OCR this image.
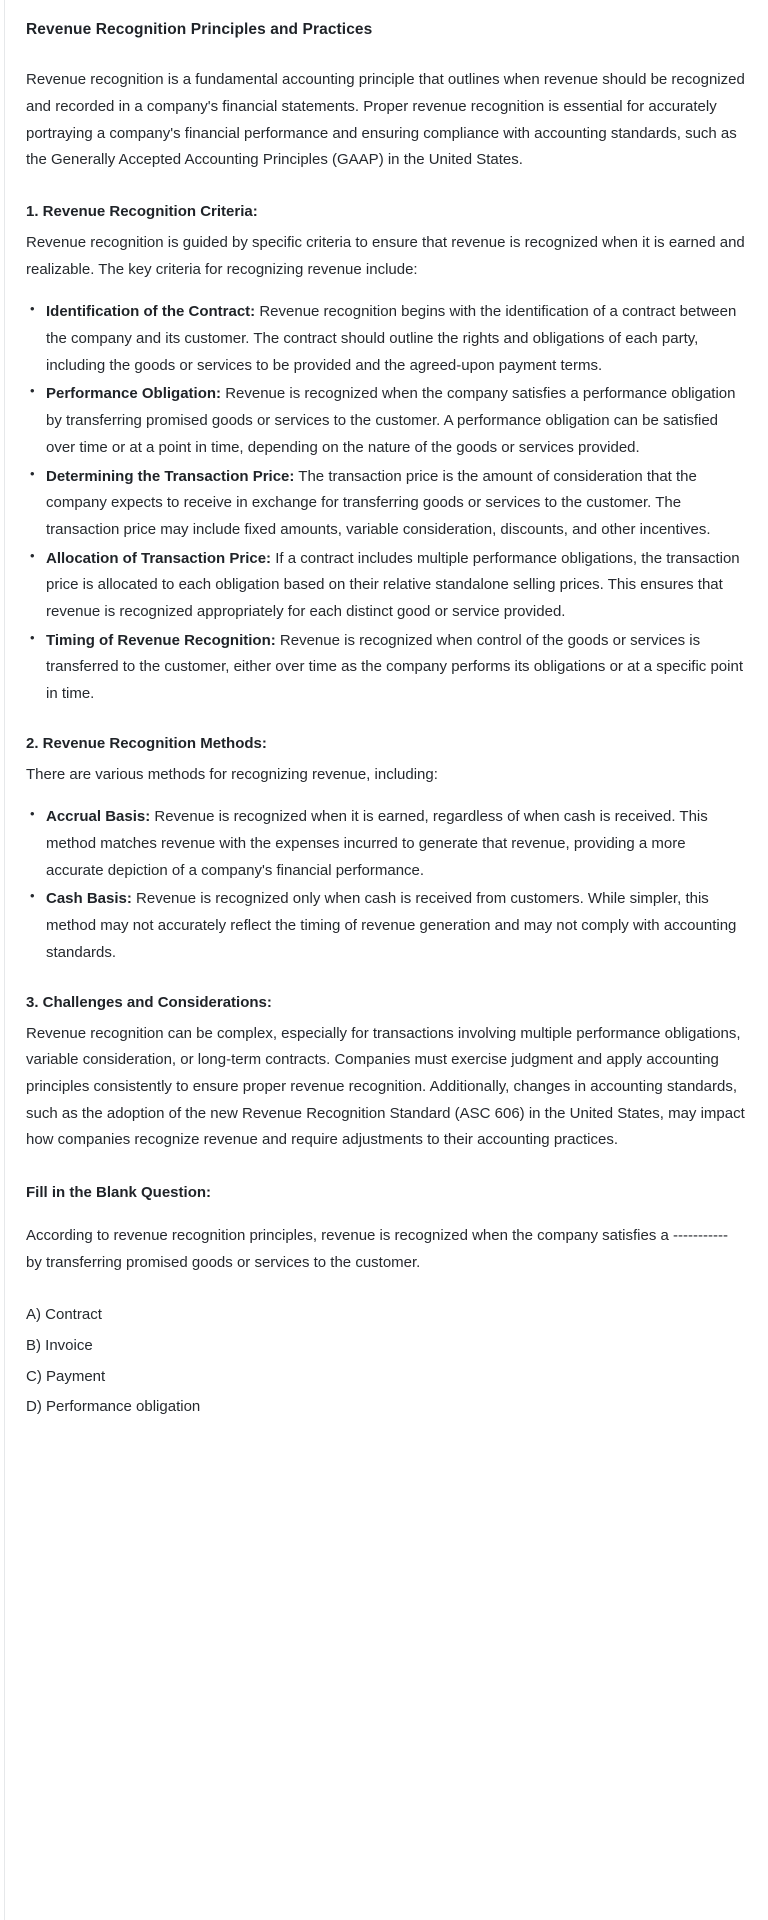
Revenue Recognition Principles and Practices

Revenue recognition is a fundamental accounting principle that outlines when revenue should be recognized and recorded in a company's financial statements. Proper revenue recognition is essential for accurately portraying a company's financial performance and ensuring compliance with accounting standards, such as the Generally Accepted Accounting Principles (GAAP) in the United States.

1. Revenue Recognition Criteria:

Revenue recognition is guided by specific criteria to ensure that revenue is recognized when it is earned and realizable. The key criteria for recognizing revenue include:

• Identification of the Contract: Revenue recognition begins with the identification of a contract between the company and its customer. The contract should outline the rights and obligations of each party, including the goods or services to be provided and the agreed-upon payment terms.
• Performance Obligation: Revenue is recognized when the company satisfies a performance obligation by transferring promised goods or services to the customer. A performance obligation can be satisfied over time or at a point in time, depending on the nature of the goods or services provided.
• Determining the Transaction Price: The transaction price is the amount of consideration that the company expects to receive in exchange for transferring goods or services to the customer. The transaction price may include fixed amounts, variable consideration, discounts, and other incentives.
• Allocation of Transaction Price: If a contract includes multiple performance obligations, the transaction price is allocated to each obligation based on their relative standalone selling prices. This ensures that revenue is recognized appropriately for each distinct good or service provided.
• Timing of Revenue Recognition: Revenue is recognized when control of the goods or services is transferred to the customer, either over time as the company performs its obligations or at a specific point in time.
2. Revenue Recognition Methods:

There are various methods for recognizing revenue, including:

• Accrual Basis: Revenue is recognized when it is earned, regardless of when cash is received. This method matches revenue with the expenses incurred to generate that revenue, providing a more accurate depiction of a company's financial performance.
• Cash Basis: Revenue is recognized only when cash is received from customers. While simpler, this method may not accurately reflect the timing of revenue generation and may not comply with accounting standards.
3. Challenges and Considerations:

Revenue recognition can be complex, especially for transactions involving multiple performance obligations, variable consideration, or long-term contracts. Companies must exercise judgment and apply accounting principles consistently to ensure proper revenue recognition. Additionally, changes in accounting standards, such as the adoption of the new Revenue Recognition Standard (ASC 606) in the United States, may impact how companies recognize revenue and require adjustments to their accounting practices.

Fill in the Blank Question:

According to revenue recognition principles, revenue is recognized when the company satisfies a ----------- by transferring promised goods or services to the customer.

A) Contract
B) Invoice
C) Payment
D) Performance obligation
